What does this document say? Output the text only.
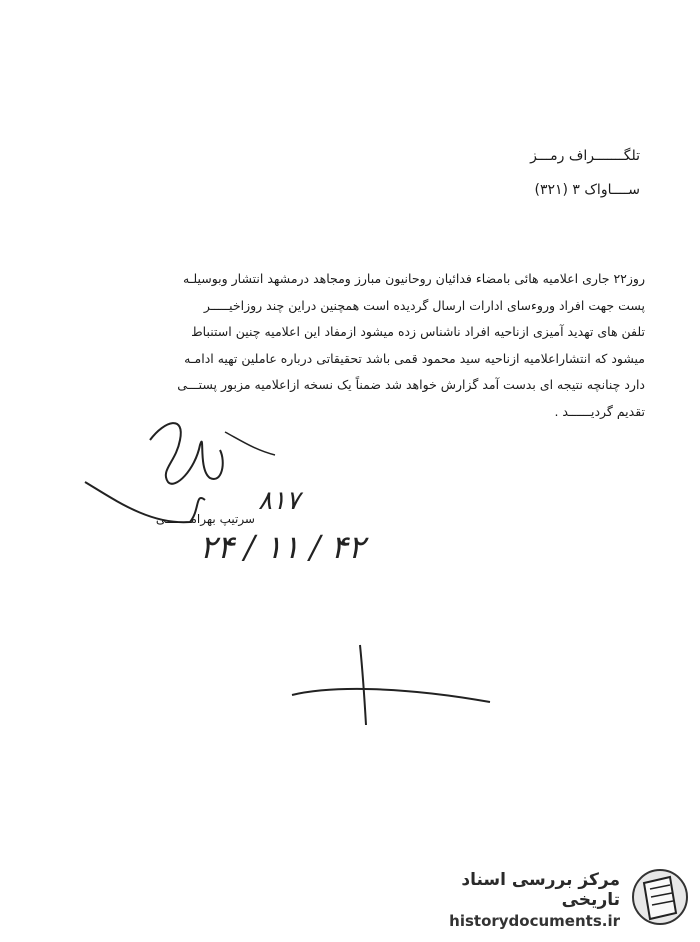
تلگـــــــراف رمـــز
ســــاواک ۳ (۳۲۱)

روز۲۲ جاری اعلامیه هائی بامضاء فدائیان روحانیون مبارز ومجاهد درمشهد انتشار وبوسیلـه

پست جهت افراد وروءسای ادارات ارسال گردیده است همچنین دراین چند روزاخیـــــر

تلفن های تهدید آمیزی ازناحیه افراد ناشناس زده میشود ازمفاد این اعلامیه چنین استنباط

میشود که انتشاراعلامیه ازناحیه سید محمود قمی باشد تحقیقاتی درباره عاملین تهیه ادامـه

دارد چنانچه نتیجه ای بدست آمد گزارش خواهد شد ضمناً یک نسخه ازاعلامیه مزبور پستـــی

تقدیم گردیــــــد .

سرتیپ بهرامـــــــی
۸۱۷
۲۴ / ۱۱ / ۴۲
مرکز بررسی اسناد تاریخی
historydocuments.ir
